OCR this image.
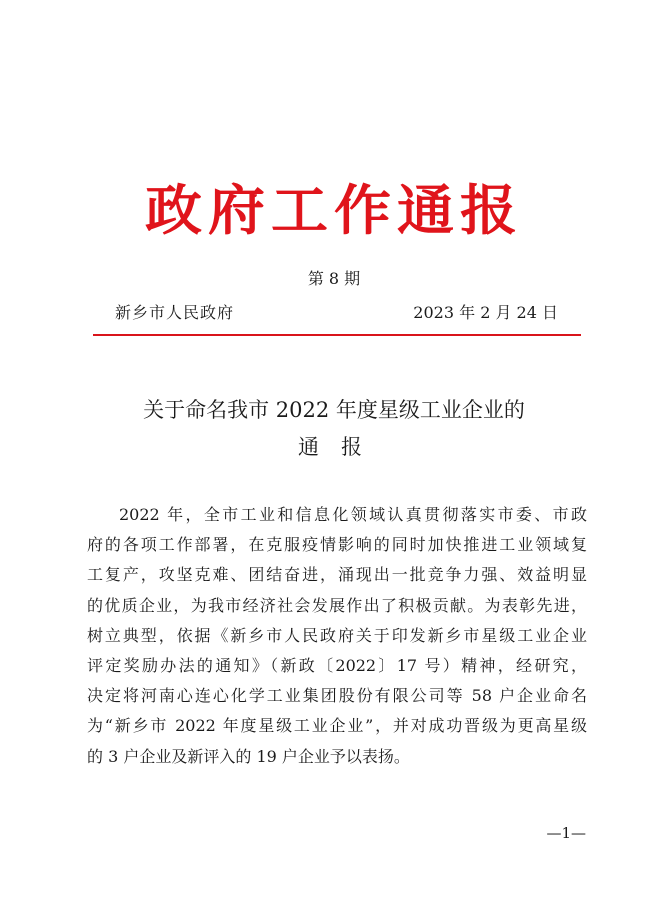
政府工作通报
第 8 期
新乡市人民政府	2023 年 2 月 24 日
关于命名我市 2022 年度星级工业企业的
通报
2022 年，全市工业和信息化领域认真贯彻落实市委、市政
府的各项工作部署，在克服疫情影响的同时加快推进工业领域复
工复产，攻坚克难、团结奋进，涌现出一批竞争力强、效益明显
的优质企业，为我市经济社会发展作出了积极贡献。为表彰先进，
树立典型，依据《新乡市人民政府关于印发新乡市星级工业企业
评定奖励办法的通知》（新政〔2022〕17 号）精神，经研究，
决定将河南心连心化学工业集团股份有限公司等 58 户企业命名
为“新乡市 2022 年度星级工业企业”，并对成功晋级为更高星级
的 3 户企业及新评入的 19 户企业予以表扬。
—1—
